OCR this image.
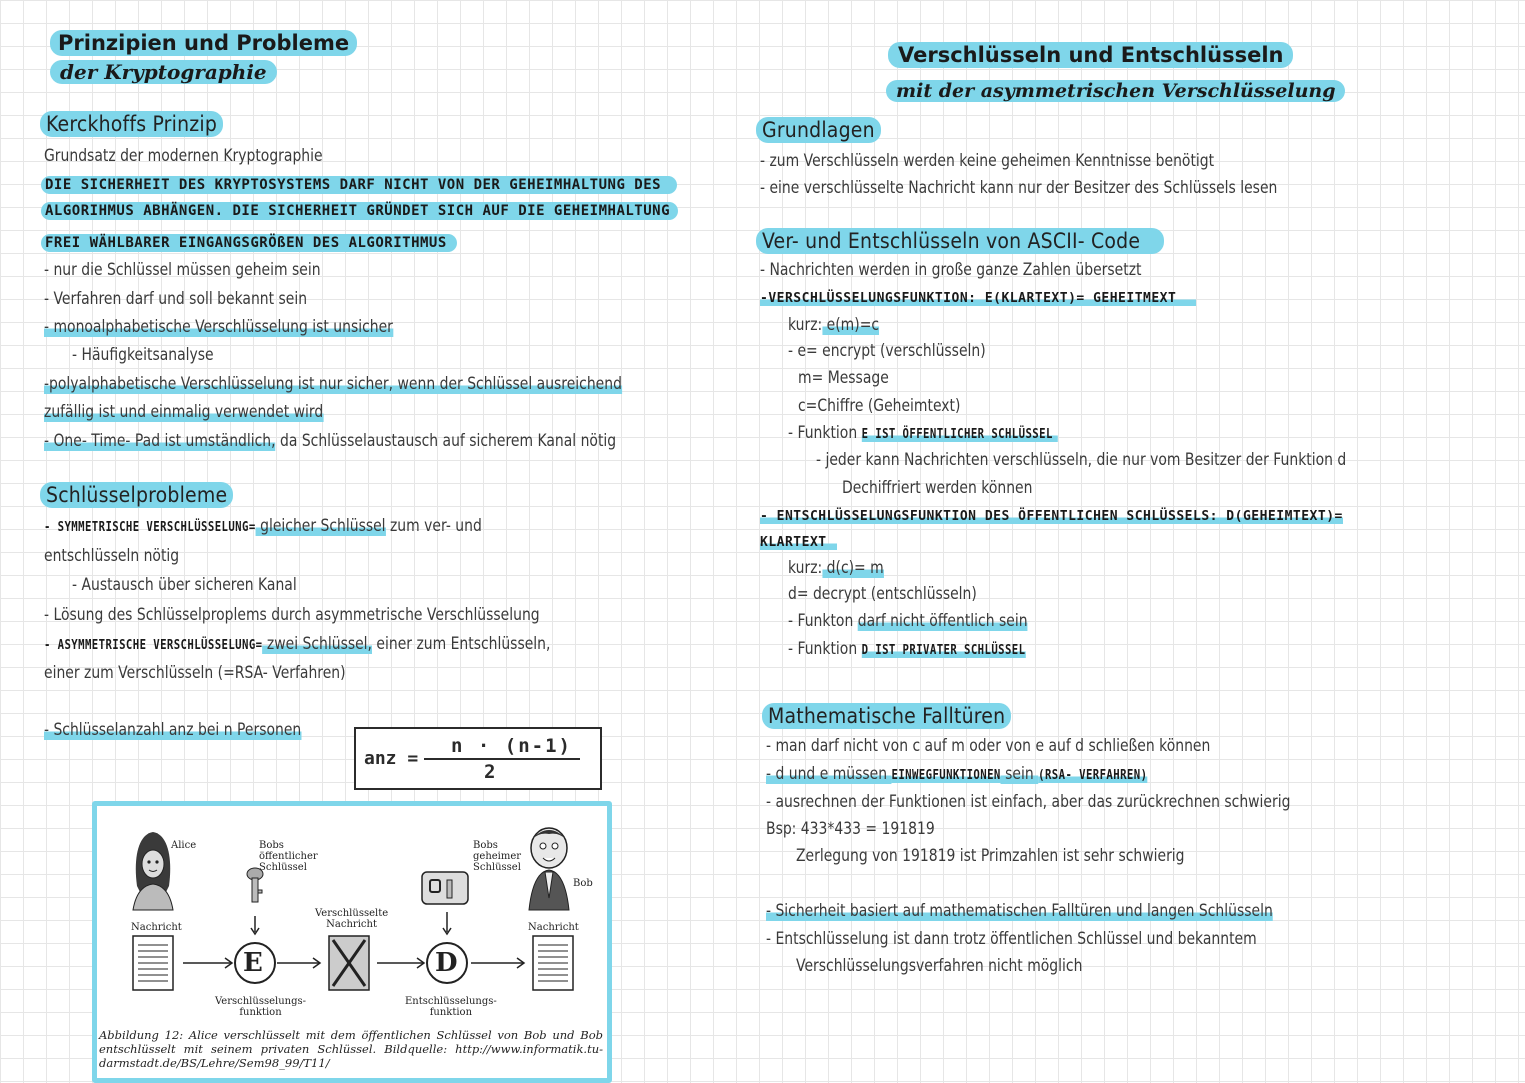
Prinzipien und Probleme
der Kryptographie
Kerckhoffs Prinzip
Grundsatz der modernen Kryptographie
DIE SICHERHEIT DES KRYPTOSYSTEMS DARF NICHT VON DER GEHEIMHALTUNG DES
ALGORIHMUS ABHÄNGEN. DIE SICHERHEIT GRÜNDET SICH AUF DIE GEHEIMHALTUNG
FREI WÄHLBARER EINGANGSGRÖßEN DES ALGORITHMUS
- nur die Schlüssel müssen geheim sein
- Verfahren darf und soll bekannt sein
- monoalphabetische Verschlüsselung ist unsicher
- Häufigkeitsanalyse
-polyalphabetische Verschlüsselung ist nur sicher, wenn der Schlüssel ausreichend
zufällig ist und einmalig verwendet wird
- One- Time- Pad ist umständlich, da Schlüsselaustausch auf sicherem Kanal nötig
Schlüsselprobleme
- SYMMETRISCHE VERSCHLÜSSELUNG= gleicher Schlüssel zum ver- und
entschlüsseln nötig
- Austausch über sicheren Kanal
- Lösung des Schlüsselproplems durch asymmetrische Verschlüsselung
- ASYMMETRISCHE VERSCHLÜSSELUNG= zwei Schlüssel, einer zum Entschlüsseln,
einer zum Verschlüsseln (=RSA- Verfahren)
- Schlüsselanzahl anz bei n Personen
anz =
n · (n-1)
2
Alice
Bob
Bobs
öffentlicher
Schlüssel
Bobs
geheimer
Schlüssel
Nachricht
Verschlüsselte
Nachricht	Nachricht
E	D
Verschlüsselungs-
funktion
Entschlüsselungs-
funktion
Abbildung 12: Alice verschlüsselt mit dem öffentlichen Schlüssel von Bob und Bob entschlüsselt mit seinem privaten Schlüssel. Bildquelle: http://www.informatik.tu-darmstadt.de/BS/Lehre/Sem98_99/T11/
Verschlüsseln und Entschlüsseln
mit der asymmetrischen Verschlüsselung
Grundlagen
- zum Verschlüsseln werden keine geheimen Kenntnisse benötigt
- eine verschlüsselte Nachricht kann nur der Besitzer des Schlüssels lesen
Ver- und Entschlüsseln von ASCII- Code
- Nachrichten werden in große ganze Zahlen übersetzt
-VERSCHLÜSSELUNGSFUNKTION: E(KLARTEXT)= GEHEITMEXT
kurz: e(m)=c
- e= encrypt (verschlüsseln)
m= Message
c=Chiffre (Geheimtext)
- Funktion E IST ÖFFENTLICHER SCHLÜSSEL
- jeder kann Nachrichten verschlüsseln, die nur vom Besitzer der Funktion d
Dechiffriert werden können
- ENTSCHLÜSSELUNGSFUNKTION DES ÖFFENTLICHEN SCHLÜSSELS: D(GEHEIMTEXT)=
KLARTEXT
kurz: d(c)= m
d= decrypt (entschlüsseln)
- Funkton darf nicht öffentlich sein
- Funktion D IST PRIVATER SCHLÜSSEL
Mathematische Falltüren
- man darf nicht von c auf m oder von e auf d schließen können
- d und e müssen EINWEGFUNKTIONEN sein (RSA- VERFAHREN)
- ausrechnen der Funktionen ist einfach, aber das zurückrechnen schwierig
Bsp: 433*433 = 191819
Zerlegung von 191819 ist Primzahlen ist sehr schwierig
- Sicherheit basiert auf mathematischen Falltüren und langen Schlüsseln
- Entschlüsselung ist dann trotz öffentlichen Schlüssel und bekanntem
Verschlüsselungsverfahren nicht möglich
